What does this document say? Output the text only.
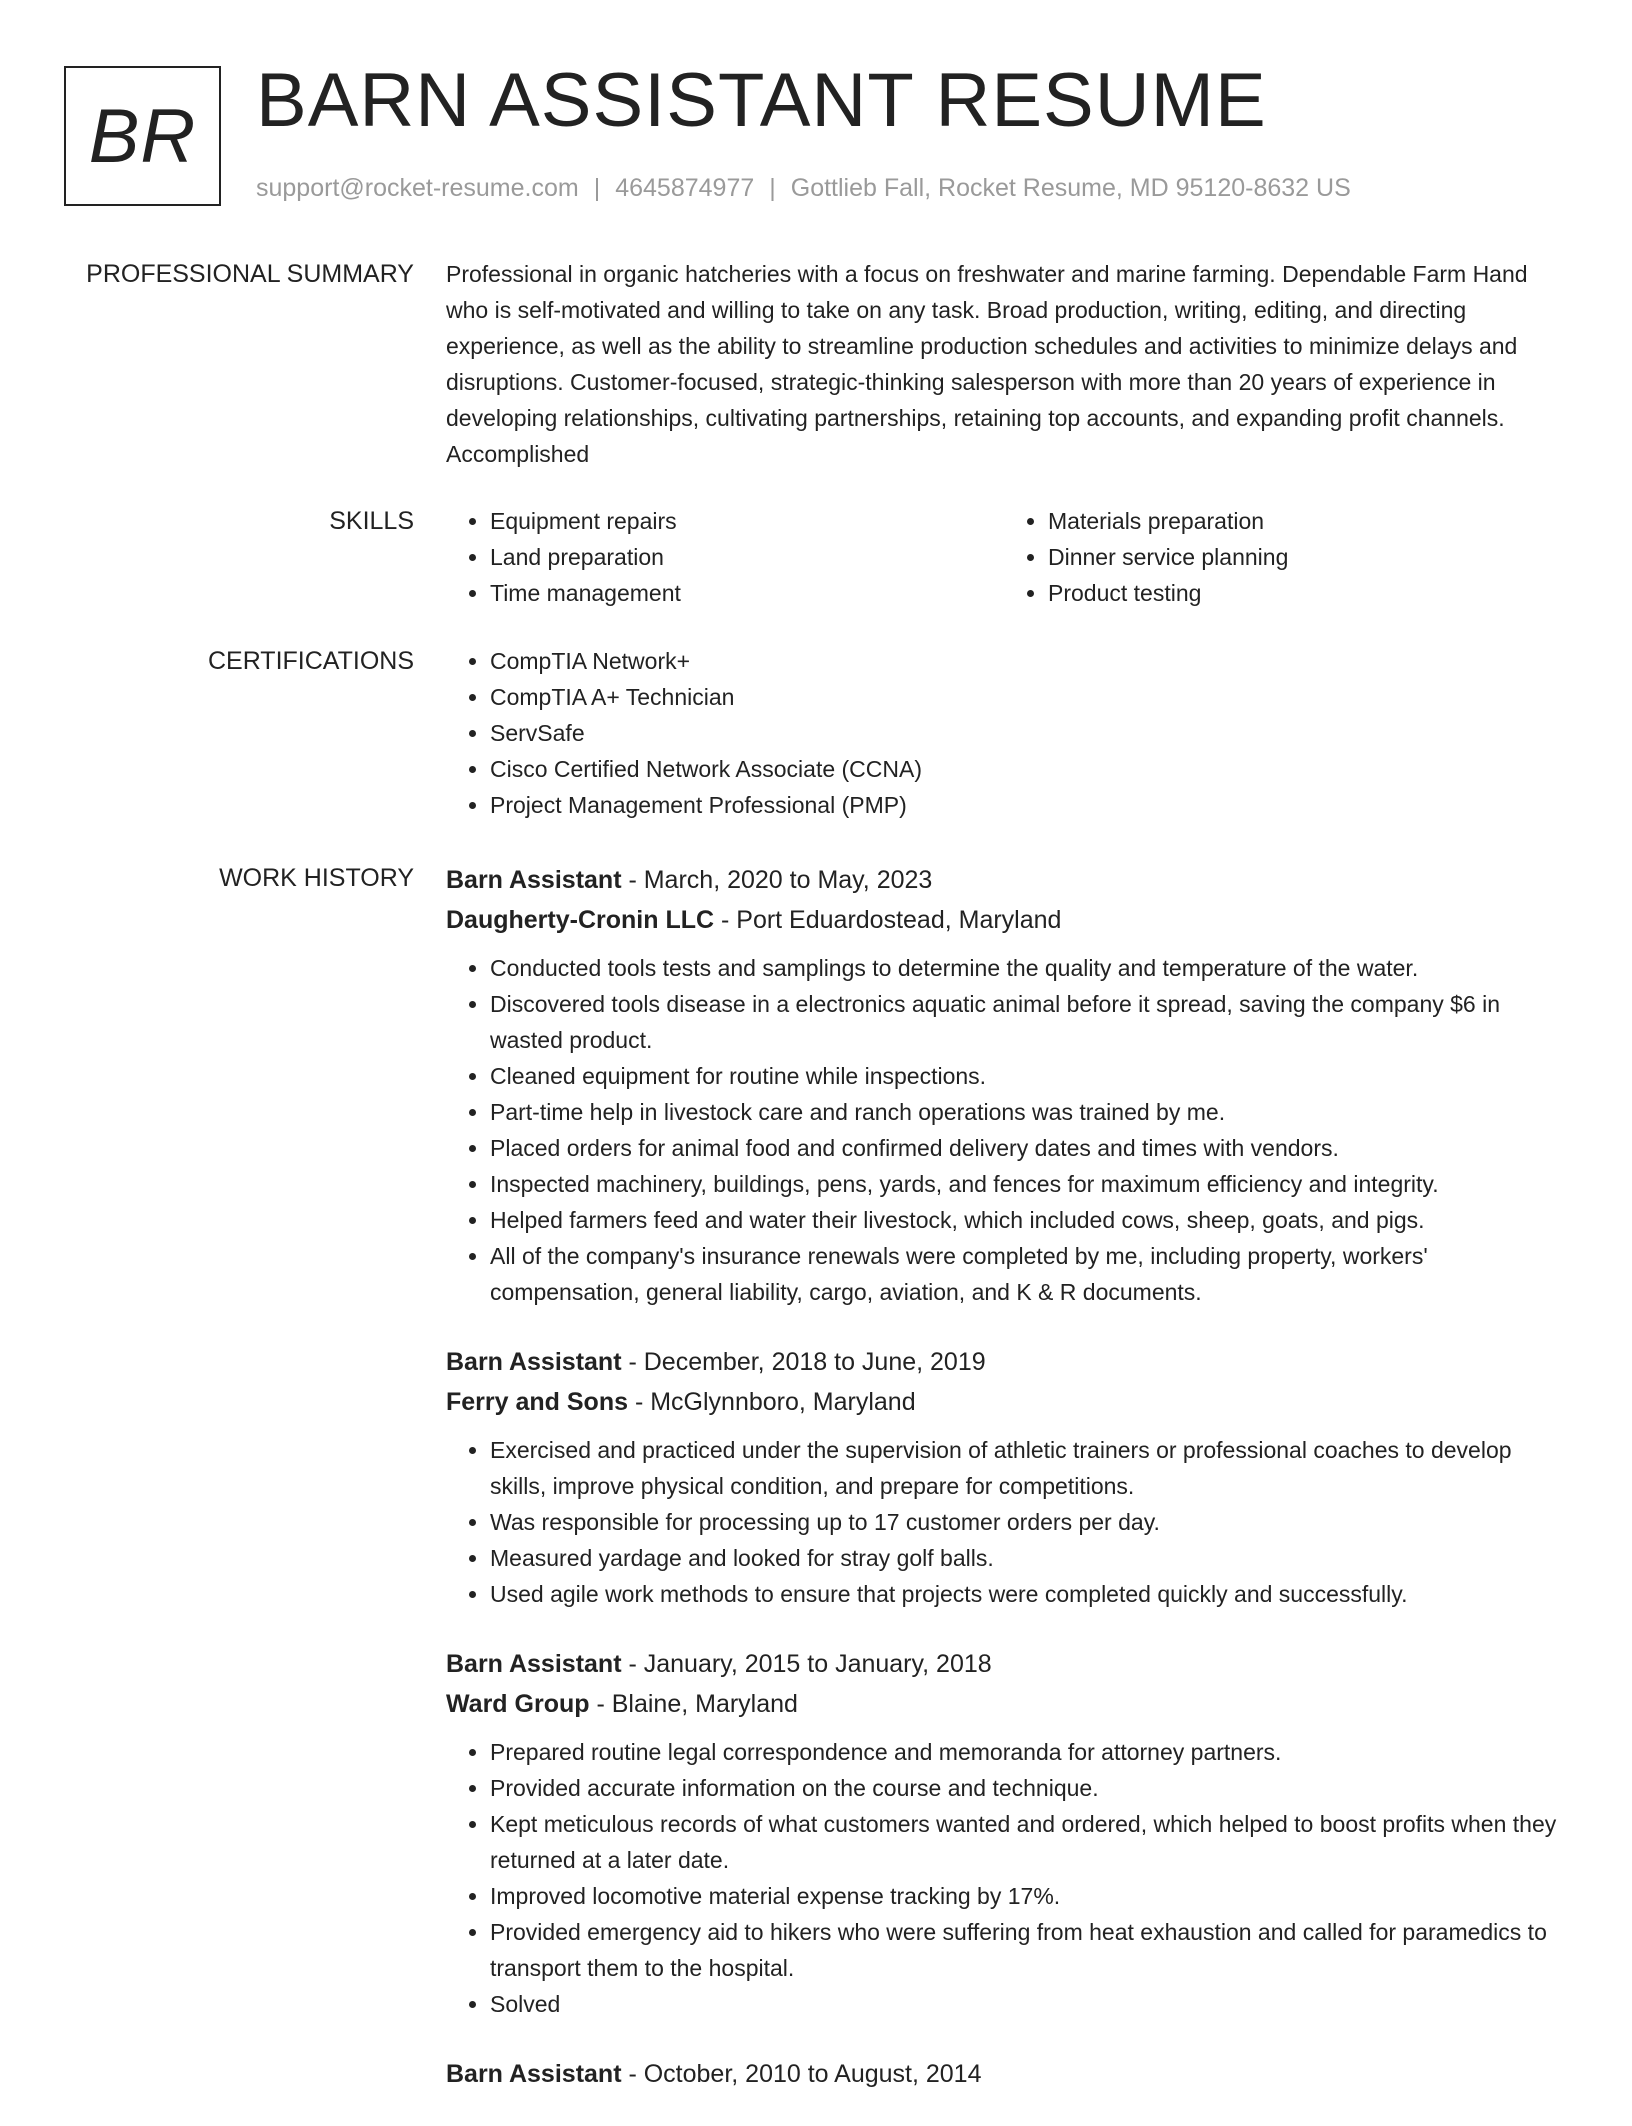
BR BARN ASSISTANT RESUME
support@rocket-resume.com | 4645874977 | Gottlieb Fall, Rocket Resume, MD 95120-8632 US
PROFESSIONAL SUMMARY Professional in organic hatcheries with a focus on freshwater and marine farming. Dependable Farm Hand who is self-motivated and willing to take on any task. Broad production, writing, editing, and directing experience, as well as the ability to streamline production schedules and activities to minimize delays and disruptions. Customer-focused, strategic-thinking salesperson with more than 20 years of experience in developing relationships, cultivating partnerships, retaining top accounts, and expanding profit channels. Accomplished

SKILLS	• Equipment repairs
• Land preparation
• Time management
• Materials preparation
• Dinner service planning
• Product testing
CERTIFICATIONS	• CompTIA Network+
• CompTIA A+ Technician
• ServSafe
• Cisco Certified Network Associate (CCNA)
• Project Management Professional (PMP)
WORK HISTORY Barn Assistant - March, 2020 to May, 2023
Daugherty-Cronin LLC - Port Eduardostead, Maryland
• Conducted tools tests and samplings to determine the quality and temperature of the water.
• Discovered tools disease in a electronics aquatic animal before it spread, saving the company $6 in wasted product.
• Cleaned equipment for routine while inspections.
• Part-time help in livestock care and ranch operations was trained by me.
• Placed orders for animal food and confirmed delivery dates and times with vendors.
• Inspected machinery, buildings, pens, yards, and fences for maximum efficiency and integrity.
• Helped farmers feed and water their livestock, which included cows, sheep, goats, and pigs.
• All of the company's insurance renewals were completed by me, including property, workers' compensation, general liability, cargo, aviation, and K & R documents.
Barn Assistant - December, 2018 to June, 2019
Ferry and Sons - McGlynnboro, Maryland
• Exercised and practiced under the supervision of athletic trainers or professional coaches to develop skills, improve physical condition, and prepare for competitions.
• Was responsible for processing up to 17 customer orders per day.
• Measured yardage and looked for stray golf balls.
• Used agile work methods to ensure that projects were completed quickly and successfully.
Barn Assistant - January, 2015 to January, 2018
Ward Group - Blaine, Maryland
• Prepared routine legal correspondence and memoranda for attorney partners.
• Provided accurate information on the course and technique.
• Kept meticulous records of what customers wanted and ordered, which helped to boost profits when they returned at a later date.
• Improved locomotive material expense tracking by 17%.
• Provided emergency aid to hikers who were suffering from heat exhaustion and called for paramedics to transport them to the hospital.
• Solved
Barn Assistant - October, 2010 to August, 2014
